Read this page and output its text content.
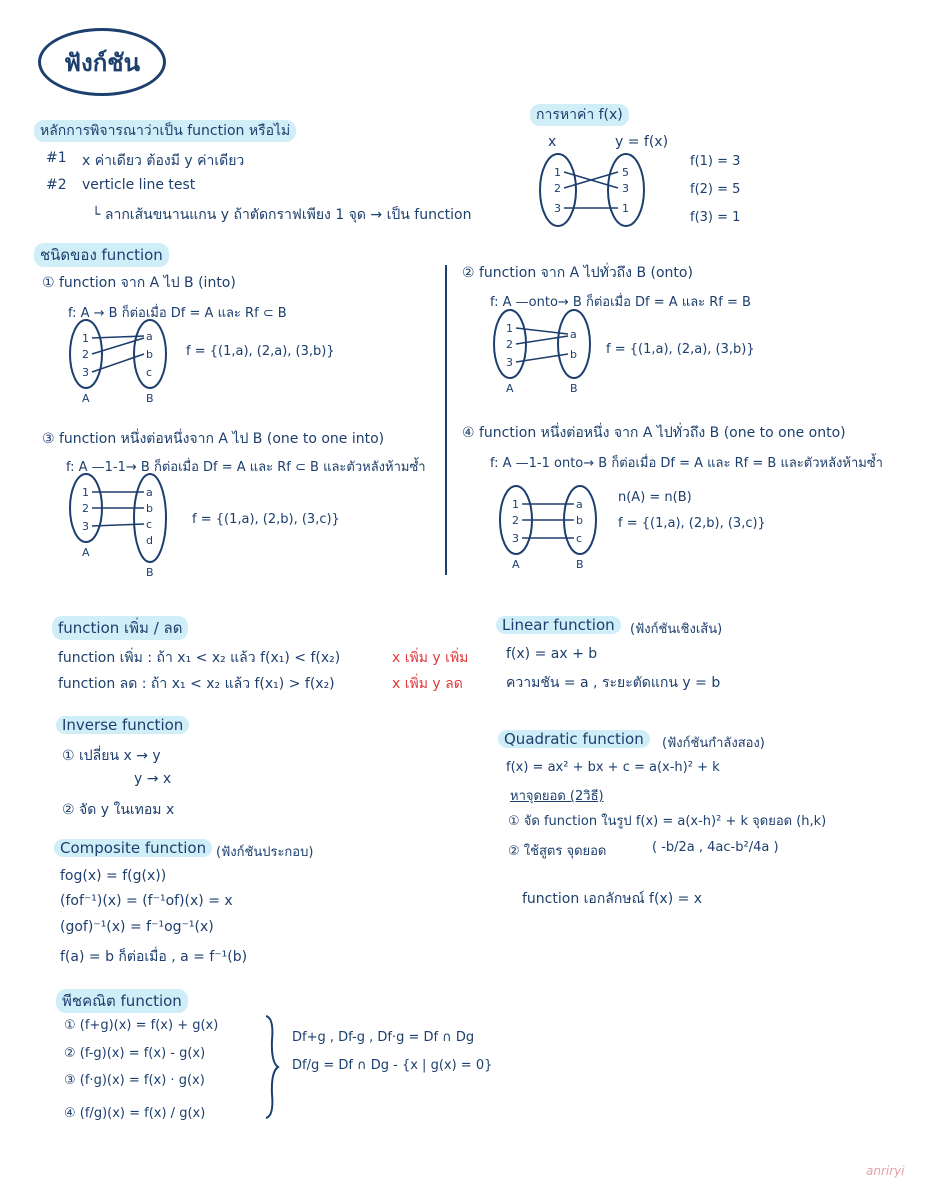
ฟังก์ชัน
หลักการพิจารณาว่าเป็น function หรือไม่
#1 x ค่าเดียว ต้องมี y ค่าเดียว
#2 verticle line test
└ ลากเส้นขนานแกน y ถ้าตัดกราฟเพียง 1 จุด → เป็น function
การหาค่า f(x)
x	y = f(x)
1
2
3
5
3
1
f(1) = 3
f(2) = 5
f(3) = 1
ชนิดของ function
① function จาก A ไป B (into)
f: A → B ก็ต่อเมื่อ Df = A และ Rf ⊂ B
1
2
3
a
b
c
A	B
f = {(1,a), (2,a), (3,b)}
② function จาก A ไปทั่วถึง B (onto)
f: A —onto→ B ก็ต่อเมื่อ Df = A และ Rf = B
1
2
3
a
b
A	B
f = {(1,a), (2,a), (3,b)}
③ function หนึ่งต่อหนึ่งจาก A ไป B (one to one into)
f: A —1-1→ B ก็ต่อเมื่อ Df = A และ Rf ⊂ B และตัวหลังห้ามซ้ำ
1
2
3
a
b
c
d
A
B
f = {(1,a), (2,b), (3,c)}
④ function หนึ่งต่อหนึ่ง จาก A ไปทั่วถึง B (one to one onto)
f: A —1-1 onto→ B ก็ต่อเมื่อ Df = A และ Rf = B และตัวหลังห้ามซ้ำ
1
2
3
a
b
c
A	B
n(A) = n(B)
f = {(1,a), (2,b), (3,c)}
function เพิ่ม / ลด
function เพิ่ม : ถ้า x₁ < x₂ แล้ว f(x₁) < f(x₂)	x เพิ่ม y เพิ่ม
function ลด : ถ้า x₁ < x₂ แล้ว f(x₁) > f(x₂)	x เพิ่ม y ลด
Linear function	(ฟังก์ชันเชิงเส้น)
f(x) = ax + b
ความชัน = a , ระยะตัดแกน y = b
Inverse function
① เปลี่ยน x → y
y → x
② จัด y ในเทอม x
Quadratic function	(ฟังก์ชันกำลังสอง)
f(x) = ax² + bx + c = a(x-h)² + k
หาจุดยอด (2วิธี)
① จัด function ในรูป f(x) = a(x-h)² + k จุดยอด (h,k)
② ใช้สูตร จุดยอด	( -b/2a , 4ac-b²/4a )
function เอกลักษณ์ f(x) = x
Composite function (ฟังก์ชันประกอบ)
fog(x) = f(g(x))
(fof⁻¹)(x) = (f⁻¹of)(x) = x
(gof)⁻¹(x) = f⁻¹og⁻¹(x)
f(a) = b ก็ต่อเมื่อ , a = f⁻¹(b)
พีชคณิต function
① (f+g)(x) = f(x) + g(x)
② (f-g)(x) = f(x) - g(x)
③ (f·g)(x) = f(x) · g(x)
④ (f/g)(x) = f(x) / g(x)
Df+g , Df-g , Df·g = Df ∩ Dg
Df/g = Df ∩ Dg - {x | g(x) = 0}
anriryi
